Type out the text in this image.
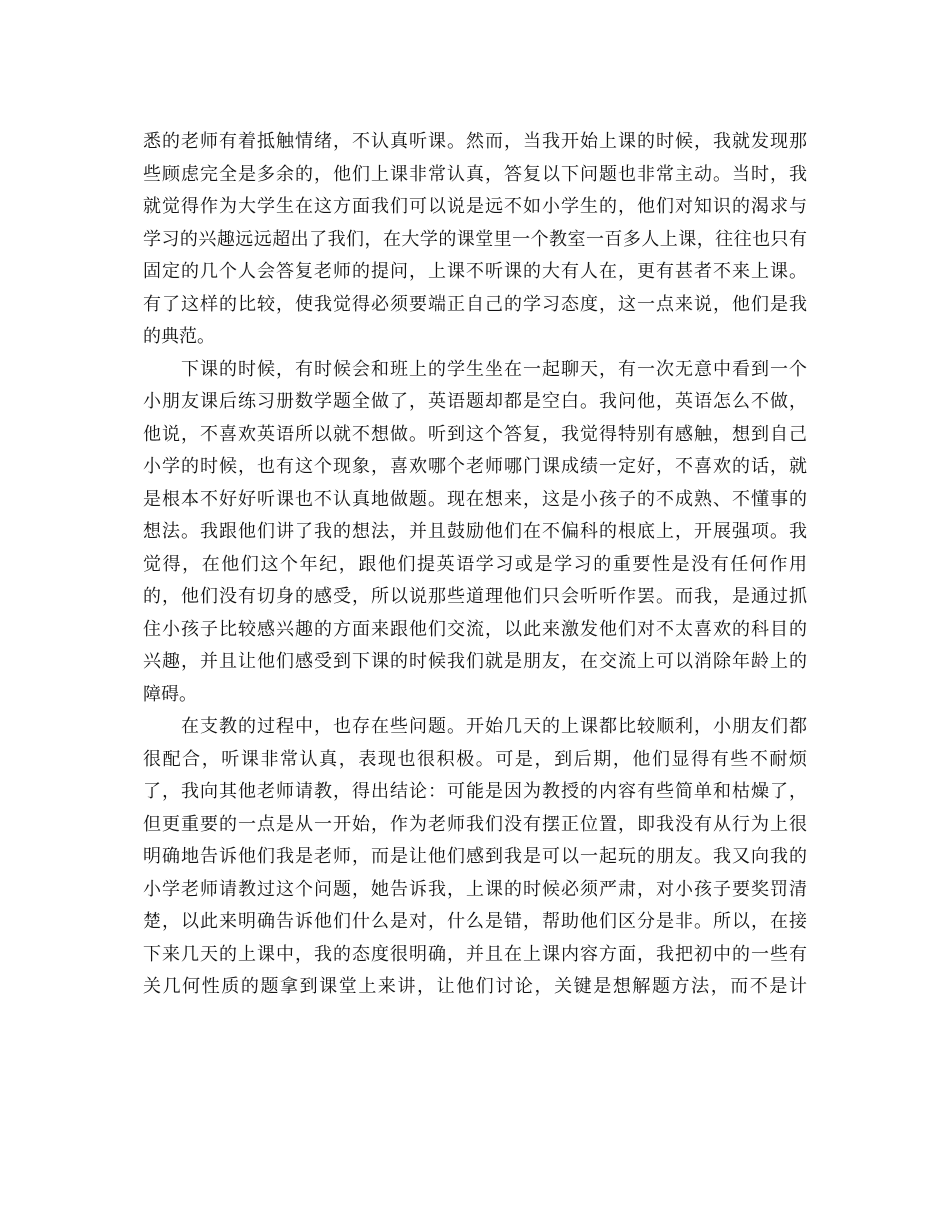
悉的老师有着抵触情绪，不认真听课。然而，当我开始上课的时候，我就发现那
些顾虑完全是多余的，他们上课非常认真，答复以下问题也非常主动。当时，我
就觉得作为大学生在这方面我们可以说是远不如小学生的，他们对知识的渴求与
学习的兴趣远远超出了我们，在大学的课堂里一个教室一百多人上课，往往也只有
固定的几个人会答复老师的提问，上课不听课的大有人在，更有甚者不来上课。
有了这样的比较，使我觉得必须要端正自己的学习态度，这一点来说，他们是我
的典范。
下课的时候，有时候会和班上的学生坐在一起聊天，有一次无意中看到一个
小朋友课后练习册数学题全做了，英语题却都是空白。我问他，英语怎么不做，
他说，不喜欢英语所以就不想做。听到这个答复，我觉得特别有感触，想到自己
小学的时候，也有这个现象，喜欢哪个老师哪门课成绩一定好，不喜欢的话，就
是根本不好好听课也不认真地做题。现在想来，这是小孩子的不成熟、不懂事的
想法。我跟他们讲了我的想法，并且鼓励他们在不偏科的根底上，开展强项。我
觉得，在他们这个年纪，跟他们提英语学习或是学习的重要性是没有任何作用
的，他们没有切身的感受，所以说那些道理他们只会听听作罢。而我，是通过抓
住小孩子比较感兴趣的方面来跟他们交流，以此来激发他们对不太喜欢的科目的
兴趣，并且让他们感受到下课的时候我们就是朋友，在交流上可以消除年龄上的
障碍。
在支教的过程中，也存在些问题。开始几天的上课都比较顺利，小朋友们都
很配合，听课非常认真，表现也很积极。可是，到后期，他们显得有些不耐烦
了，我向其他老师请教，得出结论：可能是因为教授的内容有些简单和枯燥了，
但更重要的一点是从一开始，作为老师我们没有摆正位置，即我没有从行为上很
明确地告诉他们我是老师，而是让他们感到我是可以一起玩的朋友。我又向我的
小学老师请教过这个问题，她告诉我，上课的时候必须严肃，对小孩子要奖罚清
楚，以此来明确告诉他们什么是对，什么是错，帮助他们区分是非。所以，在接
下来几天的上课中，我的态度很明确，并且在上课内容方面，我把初中的一些有
关几何性质的题拿到课堂上来讲，让他们讨论，关键是想解题方法，而不是计
